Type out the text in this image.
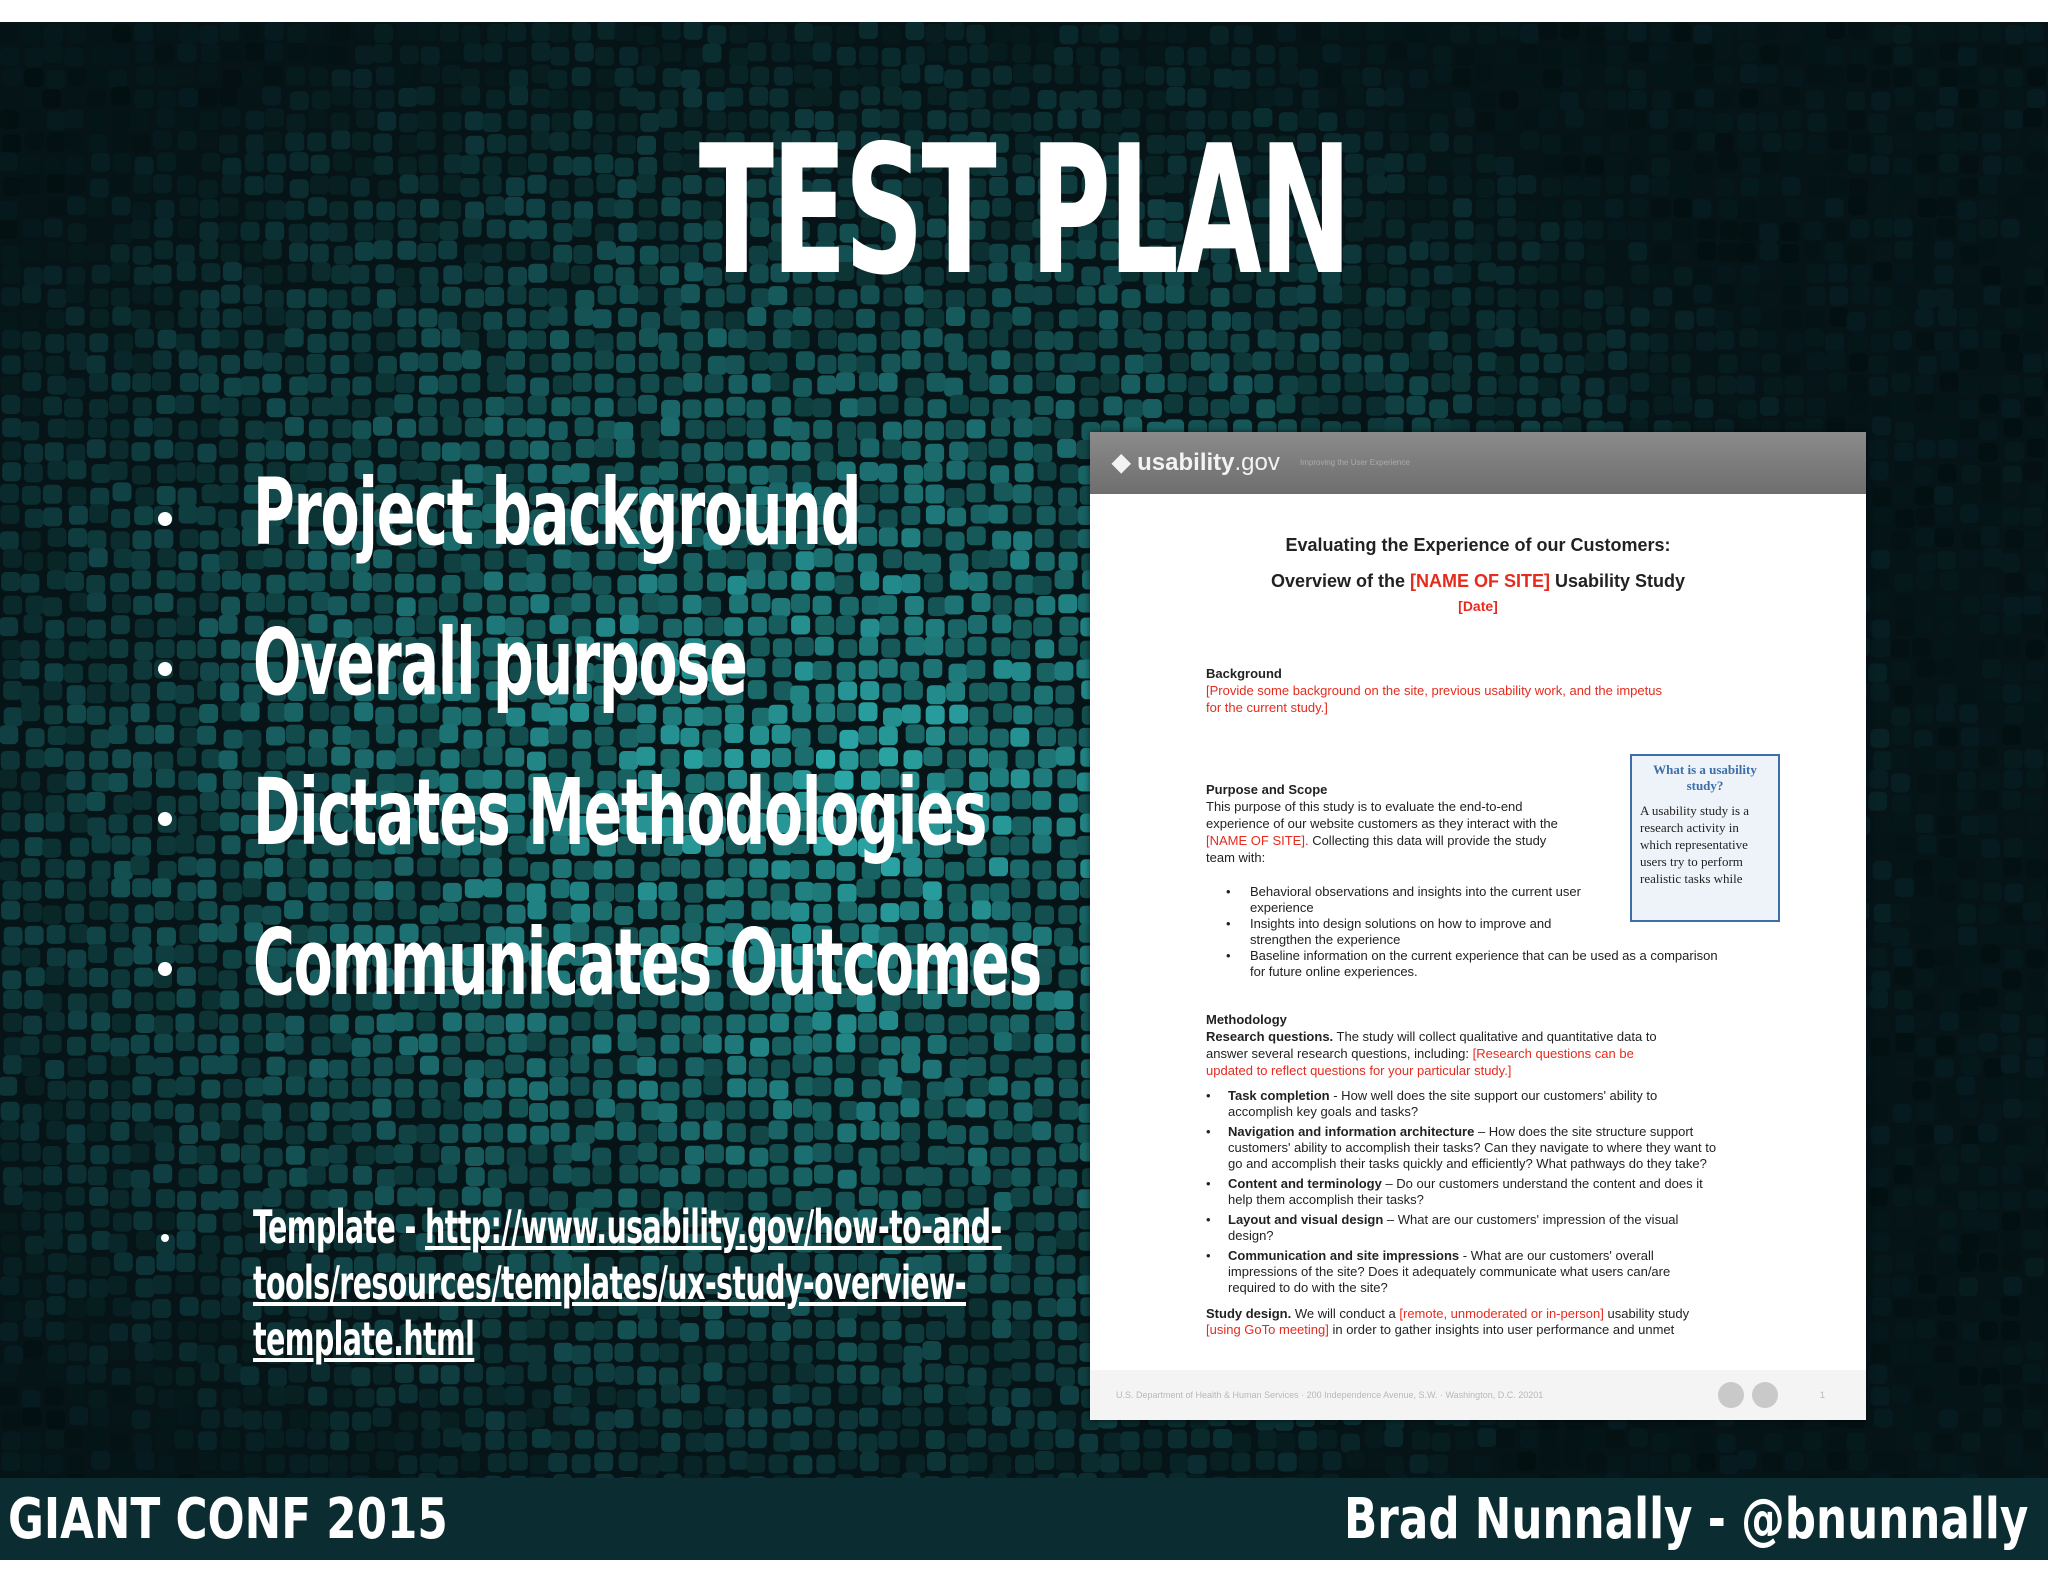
TEST PLAN
Project background
Overall purpose
Dictates Methodologies
Communicates Outcomes
Template - http://www.usability.gov/how-to-and-
tools/resources/templates/ux-study-overview-
template.html
◆ usability.gov	Improving the User Experience
Evaluating the Experience of our Customers:
Overview of the [NAME OF SITE] Usability Study
[Date]
Background
[Provide some background on the site, previous usability work, and the impetus
for the current study.]
Purpose and Scope
This purpose of this study is to evaluate the end-to-end
experience of our website customers as they interact with the
[NAME OF SITE]. Collecting this data will provide the study
team with:
• Behavioral observations and insights into the current user
experience
• Insights into design solutions on how to improve and
strengthen the experience
• Baseline information on the current experience that can be used as a comparison
for future online experiences.
What is a usability study?
A usability study is a research activity in which representative users try to perform realistic tasks while
Methodology
Research questions. The study will collect qualitative and quantitative data to
answer several research questions, including: [Research questions can be
updated to reflect questions for your particular study.]
• Task completion - How well does the site support our customers' ability to
accomplish key goals and tasks?
• Navigation and information architecture – How does the site structure support
customers' ability to accomplish their tasks? Can they navigate to where they want to
go and accomplish their tasks quickly and efficiently? What pathways do they take?
• Content and terminology – Do our customers understand the content and does it
help them accomplish their tasks?
• Layout and visual design – What are our customers' impression of the visual
design?
• Communication and site impressions - What are our customers' overall
impressions of the site? Does it adequately communicate what users can/are
required to do with the site?
Study design. We will conduct a [remote, unmoderated or in-person] usability study
[using GoTo meeting] in order to gather insights into user performance and unmet
U.S. Department of Health & Human Services · 200 Independence Avenue, S.W. · Washington, D.C. 20201	1
GIANT CONF 2015	Brad Nunnally - @bnunnally
